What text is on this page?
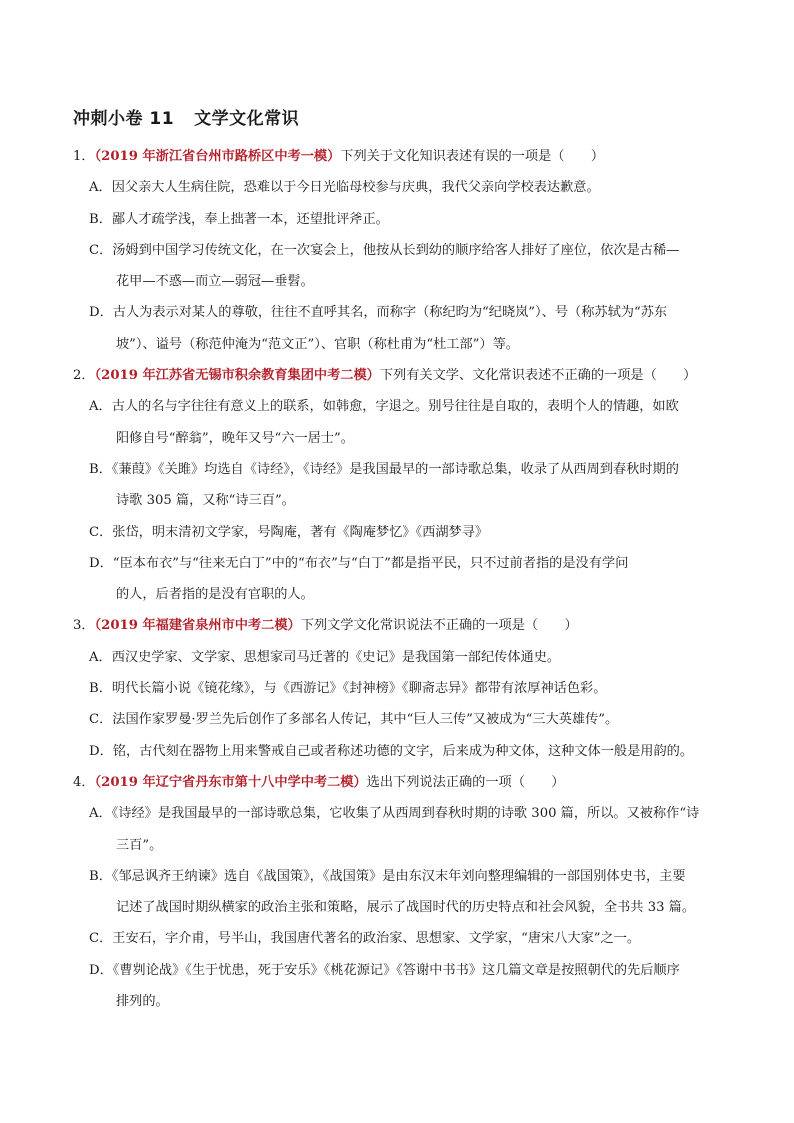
冲刺小卷 11 文学文化常识
1．（2019 年浙江省台州市路桥区中考一模）下列关于文化知识表述有误的一项是（　　）
A．因父亲大人生病住院，恐难以于今日光临母校参与庆典，我代父亲向学校表达歉意。
B．鄙人才疏学浅，奉上拙著一本，还望批评斧正。
C．汤姆到中国学习传统文化，在一次宴会上，他按从长到幼的顺序给客人排好了座位，依次是古稀—
花甲—不惑—而立—弱冠—垂髫。
D．古人为表示对某人的尊敬，往往不直呼其名，而称字（称纪昀为“纪晓岚”）、号（称苏轼为“苏东
坡”）、谥号（称范仲淹为“范文正”）、官职（称杜甫为“杜工部”）等。
2．（2019 年江苏省无锡市积余教育集团中考二模）下列有关文学、文化常识表述不正确的一项是（　　）
A．古人的名与字往往有意义上的联系，如韩愈，字退之。别号往往是自取的，表明个人的情趣，如欧
阳修自号“醉翁”，晚年又号“六一居士”。
B．《蒹葭》《关雎》均选自《诗经》，《诗经》是我国最早的一部诗歌总集，收录了从西周到春秋时期的
诗歌 305 篇，又称“诗三百”。
C．张岱，明末清初文学家，号陶庵，著有《陶庵梦忆》《西湖梦寻》
D．“臣本布衣”与“往来无白丁”中的“布衣”与“白丁”都是指平民，只不过前者指的是没有学问
的人，后者指的是没有官职的人。
3．（2019 年福建省泉州市中考二模）下列文学文化常识说法不正确的一项是（　　）
A．西汉史学家、文学家、思想家司马迁著的《史记》是我国第一部纪传体通史。
B．明代长篇小说《镜花缘》，与《西游记》《封神榜》《聊斋志异》都带有浓厚神话色彩。
C．法国作家罗曼·罗兰先后创作了多部名人传记，其中“巨人三传”又被成为“三大英雄传”。
D．铭，古代刻在器物上用来警戒自己或者称述功德的文字，后来成为种文体，这种文体一般是用韵的。
4．（2019 年辽宁省丹东市第十八中学中考二模）选出下列说法正确的一项（　　）
A．《诗经》是我国最早的一部诗歌总集，它收集了从西周到春秋时期的诗歌 300 篇，所以。又被称作“诗
三百”。
B．《邹忌讽齐王纳谏》选自《战国策》，《战国策》是由东汉末年刘向整理编辑的一部国别体史书，主要
记述了战国时期纵横家的政治主张和策略，展示了战国时代的历史特点和社会风貌，全书共 33 篇。
C．王安石，字介甫，号半山，我国唐代著名的政治家、思想家、文学家，“唐宋八大家”之一。
D．《曹刿论战》《生于忧患，死于安乐》《桃花源记》《答谢中书书》这几篇文章是按照朝代的先后顺序
排列的。
